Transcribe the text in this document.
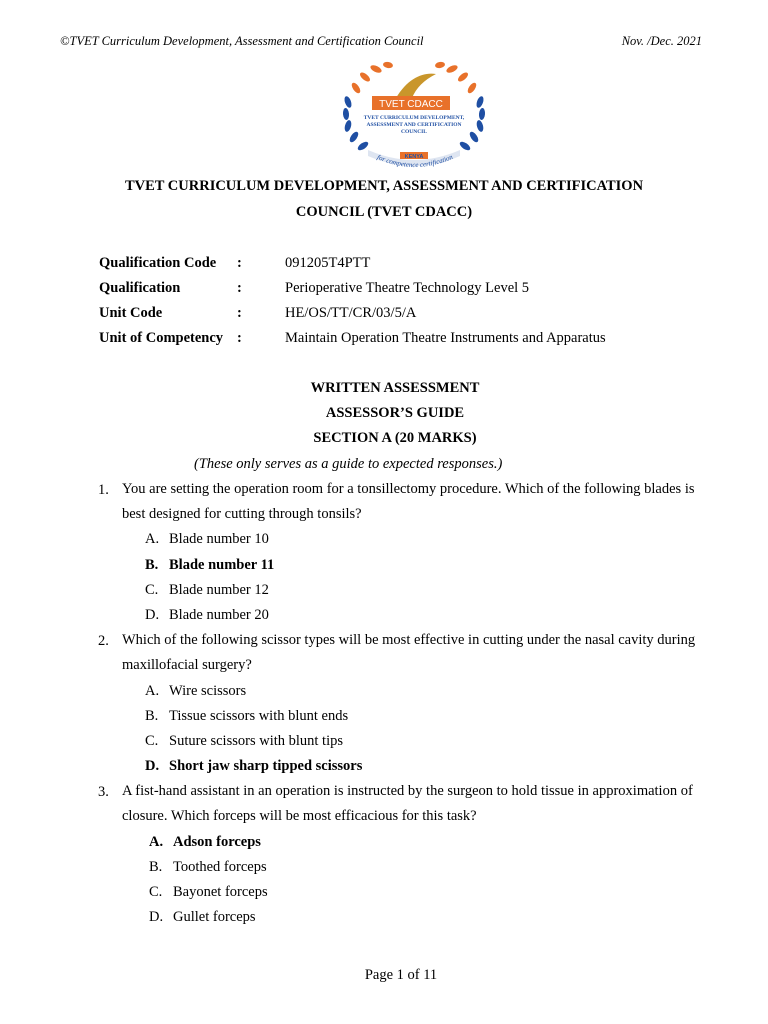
©TVET Curriculum Development, Assessment and Certification Council	Nov. /Dec. 2021
TVET CDACC
TVET CURRICULUM DEVELOPMENT,
ASSESSMENT AND CERTIFICATION
COUNCIL
KENYA
for competence certification
TVET CURRICULUM DEVELOPMENT, ASSESSMENT AND CERTIFICATION
COUNCIL (TVET CDACC)
Qualification Code :	091205T4PTT
Qualification	:	Perioperative Theatre Technology Level 5
Unit Code	:	HE/OS/TT/CR/03/5/A
Unit of Competency :	Maintain Operation Theatre Instruments and Apparatus
WRITTEN ASSESSMENT
ASSESSOR’S GUIDE
SECTION A (20 MARKS)
(These only serves as a guide to expected responses.)
1. You are setting the operation room for a tonsillectomy procedure. Which of the following blades is best designed for cutting through tonsils?
A. Blade number 10
B. Blade number 11
C. Blade number 12
D. Blade number 20
2. Which of the following scissor types will be most effective in cutting under the nasal cavity during maxillofacial surgery?
A. Wire scissors
B. Tissue scissors with blunt ends
C. Suture scissors with blunt tips
D. Short jaw sharp tipped scissors
3. A fist-hand assistant in an operation is instructed by the surgeon to hold tissue in approximation of closure. Which forceps will be most efficacious for this task?
A. Adson forceps
B. Toothed forceps
C. Bayonet forceps
D. Gullet forceps
Page 1 of 11
